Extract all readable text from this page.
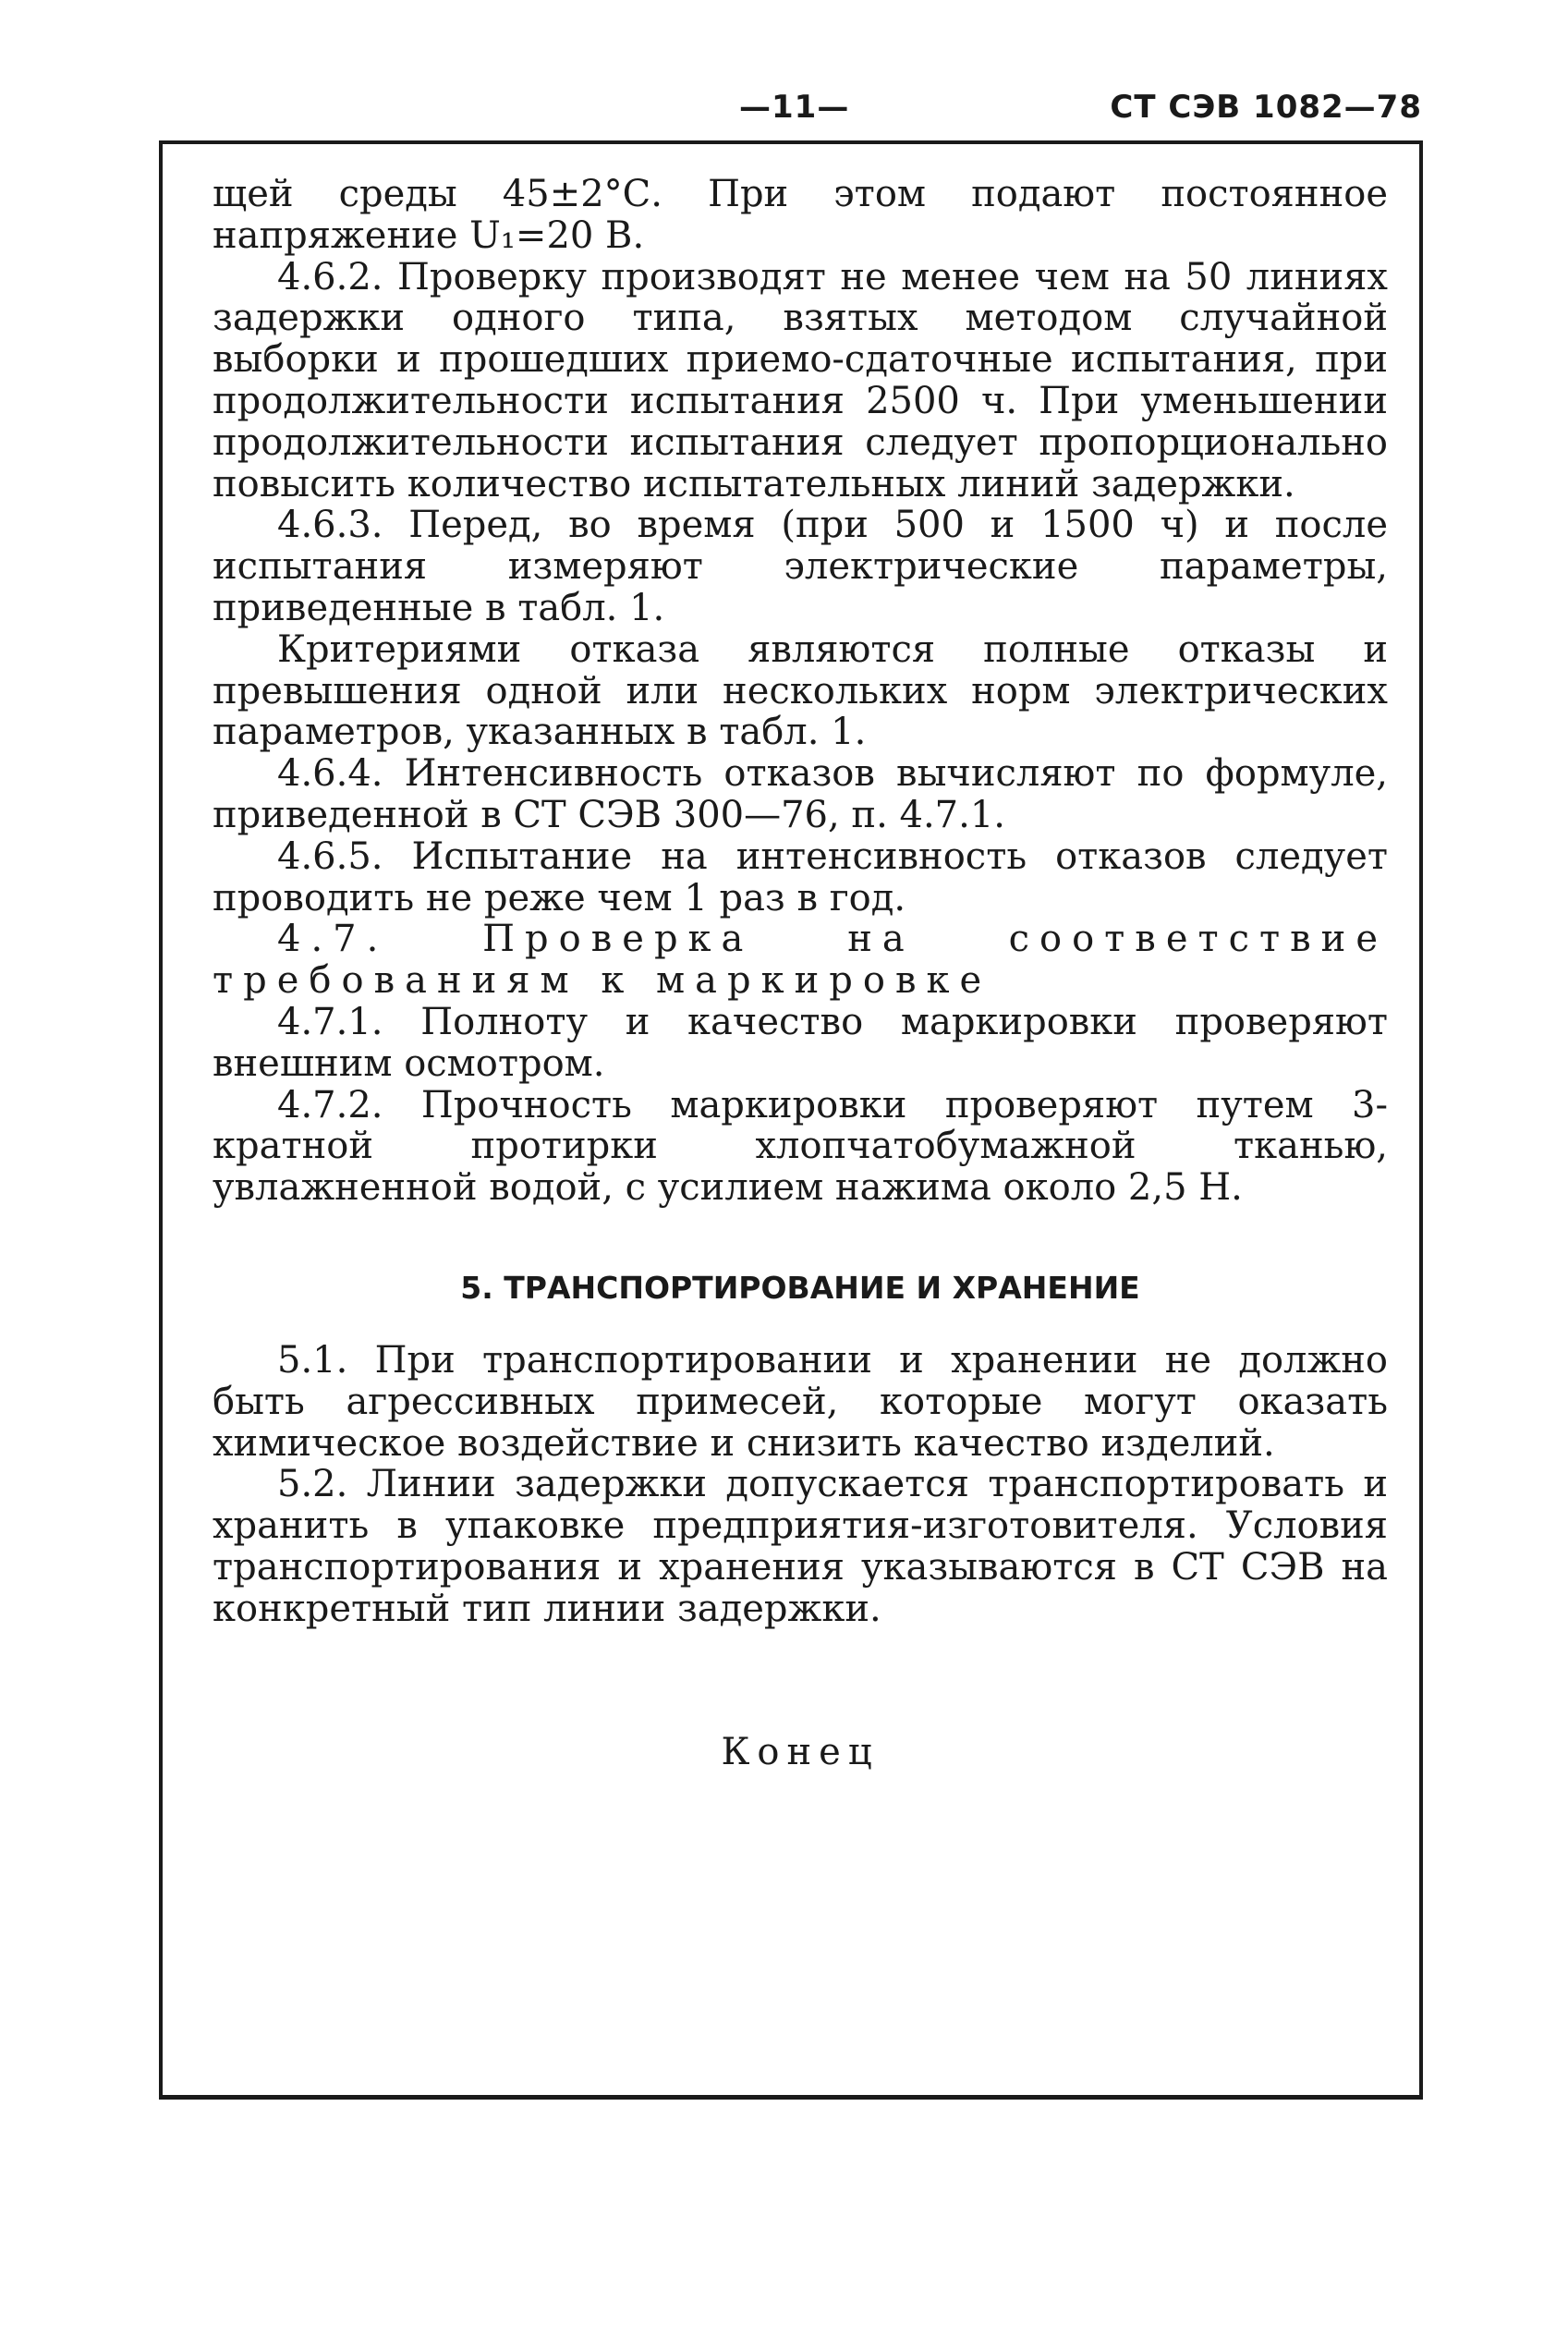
—11—	СТ СЭВ 1082—78

щей среды 45±2°С. При этом подают постоянное напряжение U₁=20 В.

4.6.2. Проверку производят не менее чем на 50 линиях задержки одного типа, взятых методом случайной выборки и прошедших приемо-сдаточные испытания, при продолжительности испытания 2500 ч. При уменьшении продолжительности испытания следует пропорционально повысить количество испытательных линий задержки.

4.6.3. Перед, во время (при 500 и 1500 ч) и после испытания измеряют электрические параметры, приведенные в табл. 1.

Критериями отказа являются полные отказы и превышения одной или нескольких норм электрических параметров, указанных в табл. 1.

4.6.4. Интенсивность отказов вычисляют по формуле, приведенной в СТ СЭВ 300—76, п. 4.7.1.

4.6.5. Испытание на интенсивность отказов следует проводить не реже чем 1 раз в год.

4.7. Проверка на соответствие требованиям к маркировке

4.7.1. Полноту и качество маркировки проверяют внешним осмотром.

4.7.2. Прочность маркировки проверяют путем 3-кратной протирки хлопчатобумажной тканью, увлажненной водой, с усилием нажима около 2,5 Н.

5. ТРАНСПОРТИРОВАНИЕ И ХРАНЕНИЕ

5.1. При транспортировании и хранении не должно быть агрессивных примесей, которые могут оказать химическое воздействие и снизить качество изделий.

5.2. Линии задержки допускается транспортировать и хранить в упаковке предприятия-изготовителя. Условия транспортирования и хранения указываются в СТ СЭВ на конкретный тип линии задержки.

Конец
